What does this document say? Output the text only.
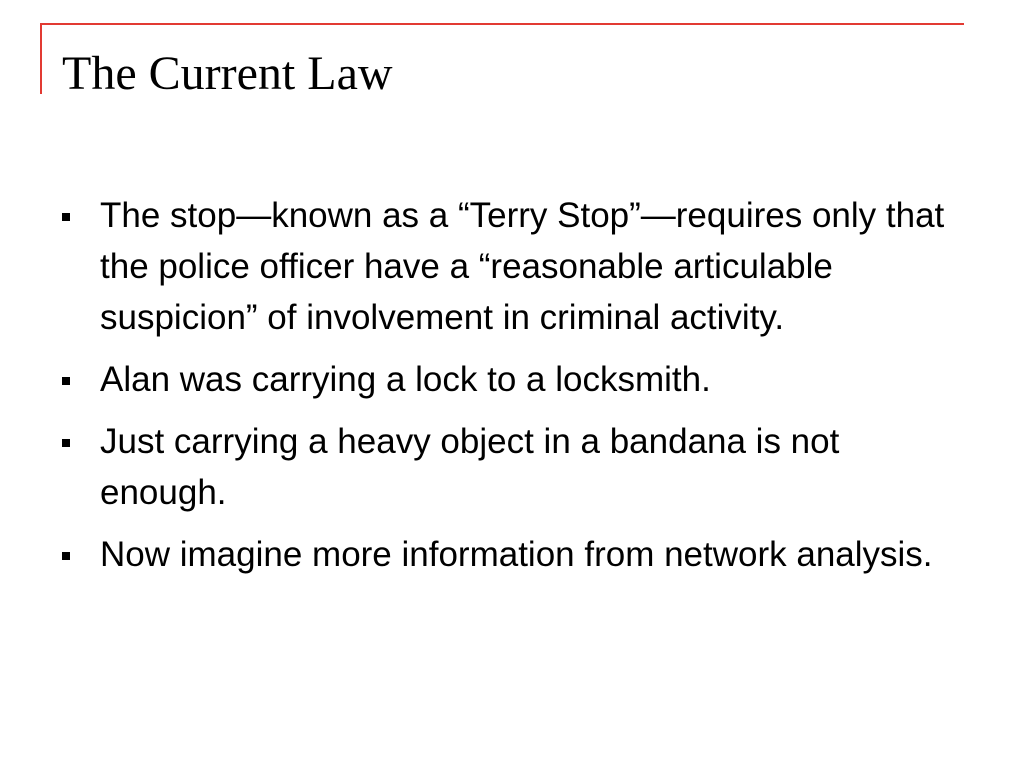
The Current Law
The stop—known as a “Terry Stop”—requires only that the police officer have a “reasonable articulable suspicion” of involvement in criminal activity.
Alan was carrying a lock to a locksmith.
Just carrying a heavy object in a bandana is not enough.
Now imagine more information from network analysis.
